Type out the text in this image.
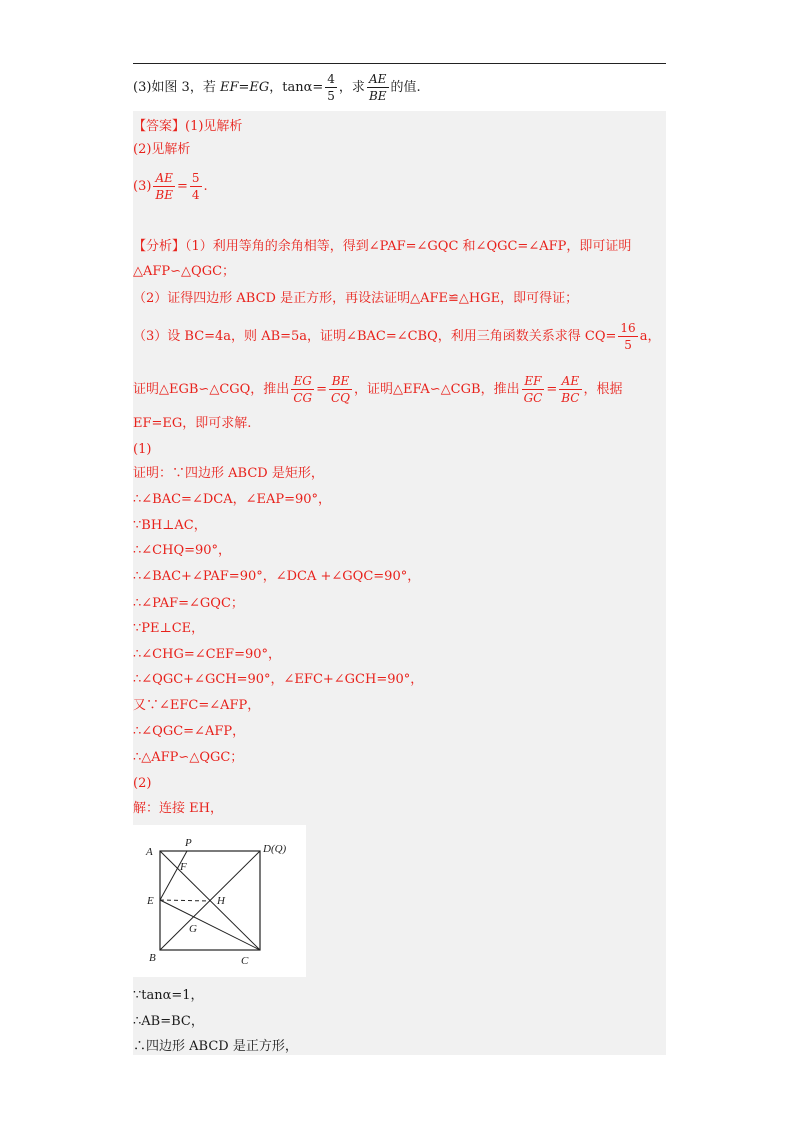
(3)如图 3，若 EF=EG，$\tan\alpha= \frac{4}{5}$ ，求 $\frac{AE}{BE}$ 的值.
【答案】(1)见解析
(2)见解析
$(3) \frac{AE}{BE} = \frac{5}{4}$ .
【分析】（1）利用等角的余角相等，得到∠PAF=∠GQC 和∠QGC=∠AFP，即可证明
△AFP∽△QGC；
（2）证得四边形 ABCD 是正方形，再设法证明△AFE≌△HGE，即可得证；
（3）设 BC=4a，则 AB=5a，证明∠BAC=∠CBQ，利用三角函数关系求得 $CQ= \frac{16}{5}$ a，
证明△EGB∽△CGQ，推出 $\frac{EG}{CG} = \frac{BE}{CQ}$ ，证明△EFA∽△CGB，推出 $\frac{EF}{GC} = \frac{AE}{BC}$ ，根据
EF=EG，即可求解.
(1)
证明：∵四边形 ABCD 是矩形，
∴∠BAC=∠DCA，∠EAP=90°，
∵BH⊥AC，
∴∠CHQ=90°，
∴∠BAC+∠PAF=90°，∠DCA +∠GQC=90°，
∴∠PAF=∠GQC；
∵PE⊥CE，
∴∠CHG=∠CEF=90°，
∴∠QGC+∠GCH=90°，∠EFC+∠GCH=90°，
又∵∠EFC=∠AFP，
∴∠QGC=∠AFP，
∴△AFP∽△QGC；
(2)
解：连接 EH，
A
P	D(Q)
F
E	H
G
B	C
∵tanα=1，
∴AB=BC，
∴四边形 ABCD 是正方形，
